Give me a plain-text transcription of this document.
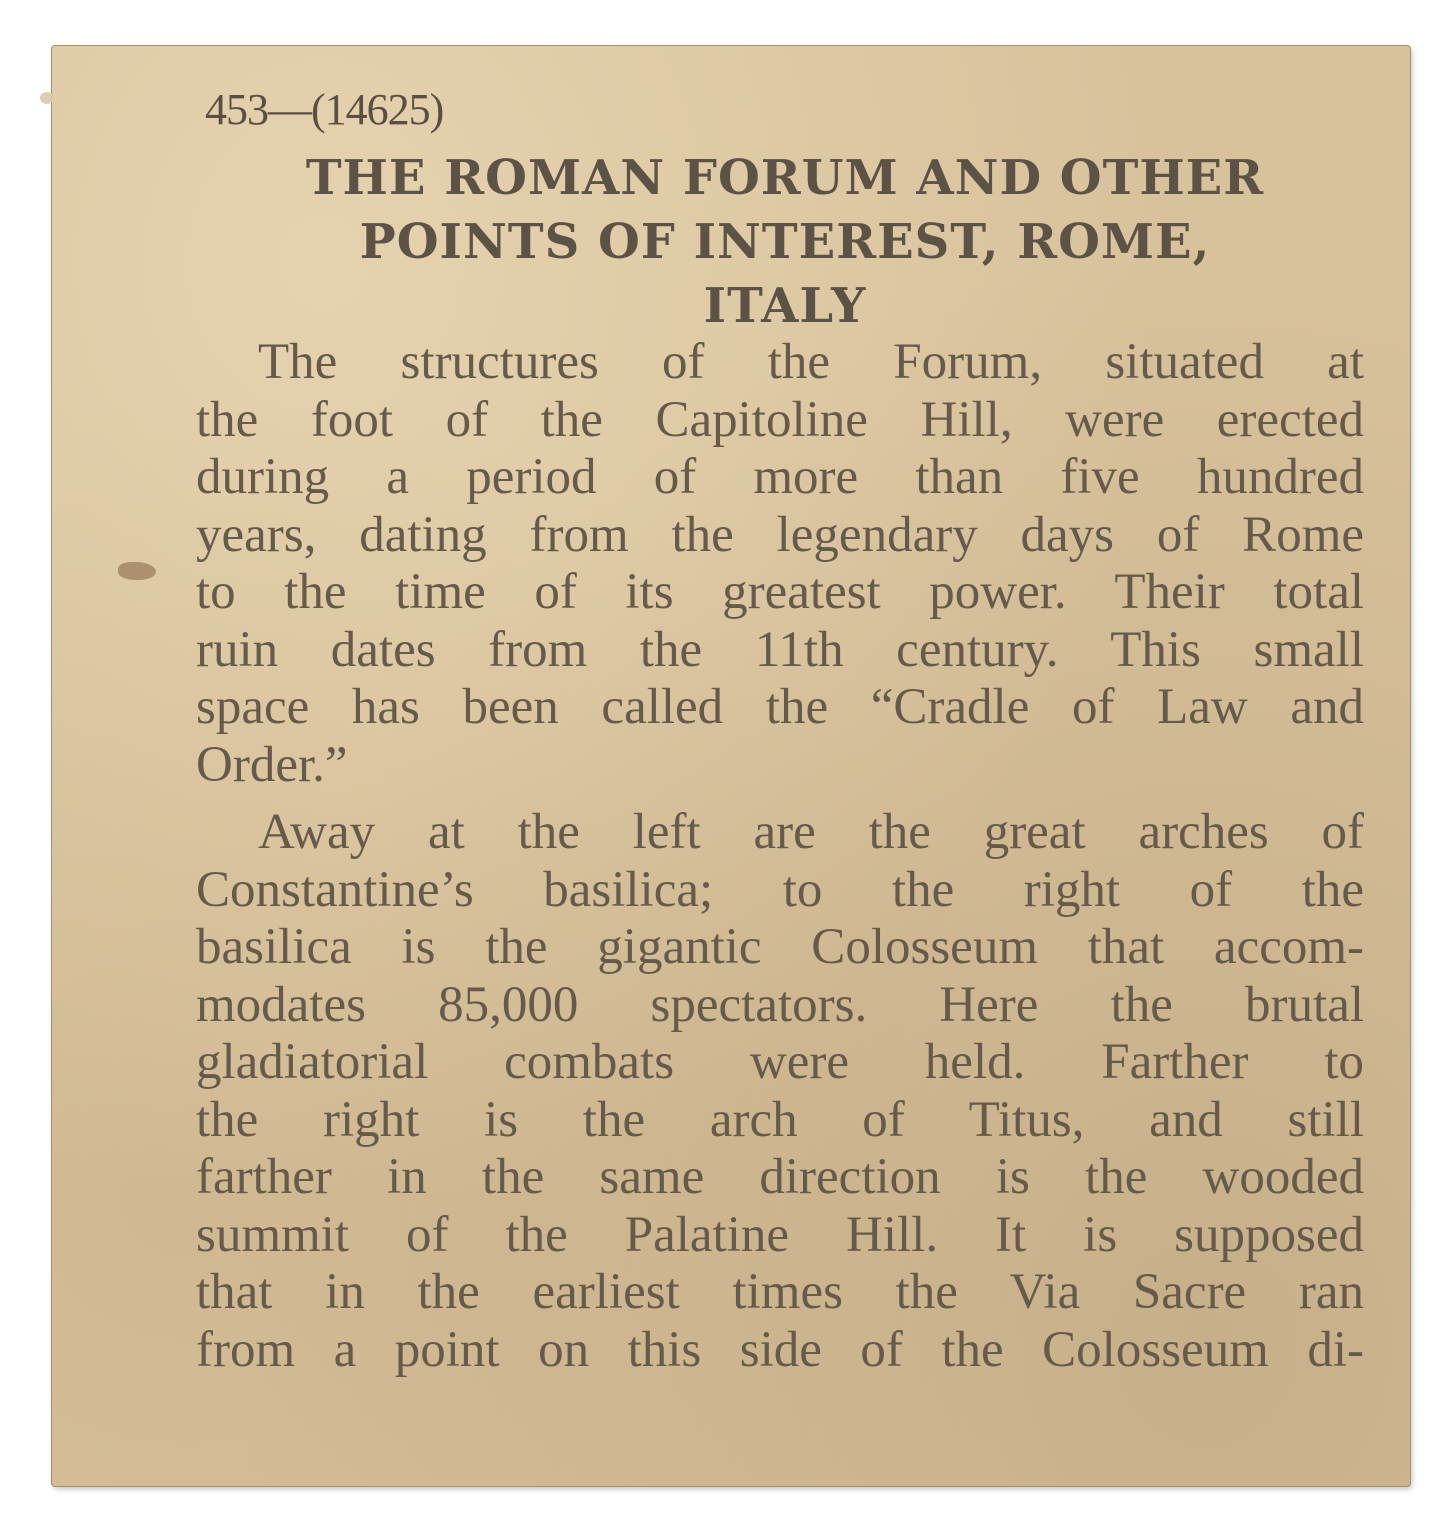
453—(14625)
THE ROMAN FORUM AND OTHER
POINTS OF INTEREST, ROME,
ITALY
The structures of the Forum, situated at
the foot of the Capitoline Hill, were erected
during a period of more than five hundred
years, dating from the legendary days of Rome
to the time of its greatest power. Their total
ruin dates from the 11th century. This small
space has been called the “Cradle of Law and
Order.”
Away at the left are the great arches of
Constantine’s basilica; to the right of the
basilica is the gigantic Colosseum that accom-
modates 85,000 spectators. Here the brutal
gladiatorial combats were held. Farther to
the right is the arch of Titus, and still
farther in the same direction is the wooded
summit of the Palatine Hill. It is supposed
that in the earliest times the Via Sacre ran
from a point on this side of the Colosseum di-
